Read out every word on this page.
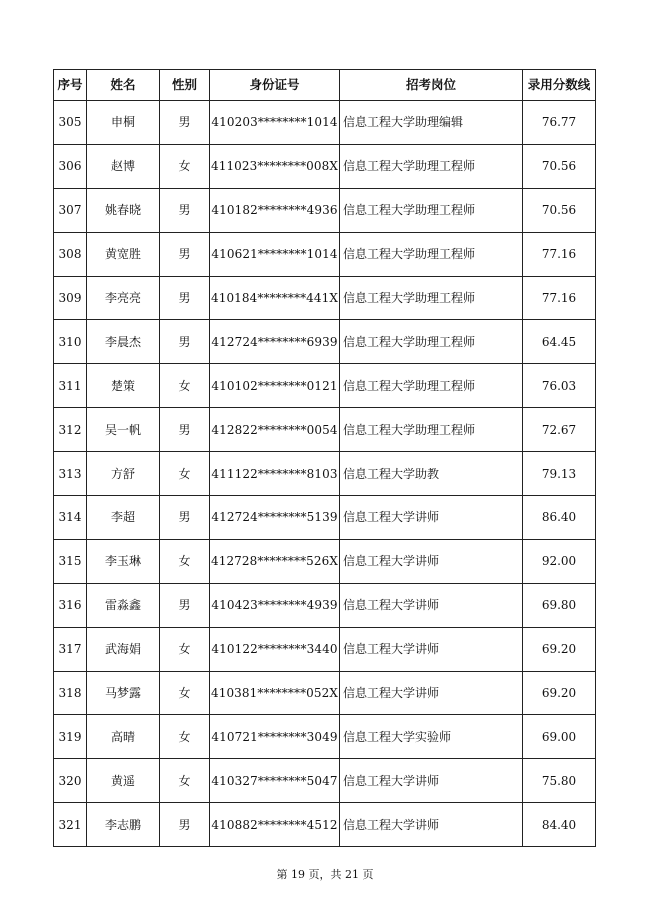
序号	姓名	性别	身份证号	招考岗位	录用分数线
305	申桐	男	410203********1014	信息工程大学助理编辑	76.77
306	赵博	女	411023********008X	信息工程大学助理工程师	70.56
307	姚春晓	男	410182********4936	信息工程大学助理工程师	70.56
308	黄宽胜	男	410621********1014	信息工程大学助理工程师	77.16
309	李亮亮	男	410184********441X	信息工程大学助理工程师	77.16
310	李晨杰	男	412724********6939	信息工程大学助理工程师	64.45
311	楚策	女	410102********0121	信息工程大学助理工程师	76.03
312	吴一帆	男	412822********0054	信息工程大学助理工程师	72.67
313	方舒	女	411122********8103	信息工程大学助教	79.13
314	李超	男	412724********5139	信息工程大学讲师	86.40
315	李玉琳	女	412728********526X	信息工程大学讲师	92.00
316	雷淼鑫	男	410423********4939	信息工程大学讲师	69.80
317	武海娟	女	410122********3440	信息工程大学讲师	69.20
318	马梦露	女	410381********052X	信息工程大学讲师	69.20
319	高晴	女	410721********3049	信息工程大学实验师	69.00
320	黄遥	女	410327********5047	信息工程大学讲师	75.80
321	李志鹏	男	410882********4512	信息工程大学讲师	84.40
第 19 页，共 21 页
